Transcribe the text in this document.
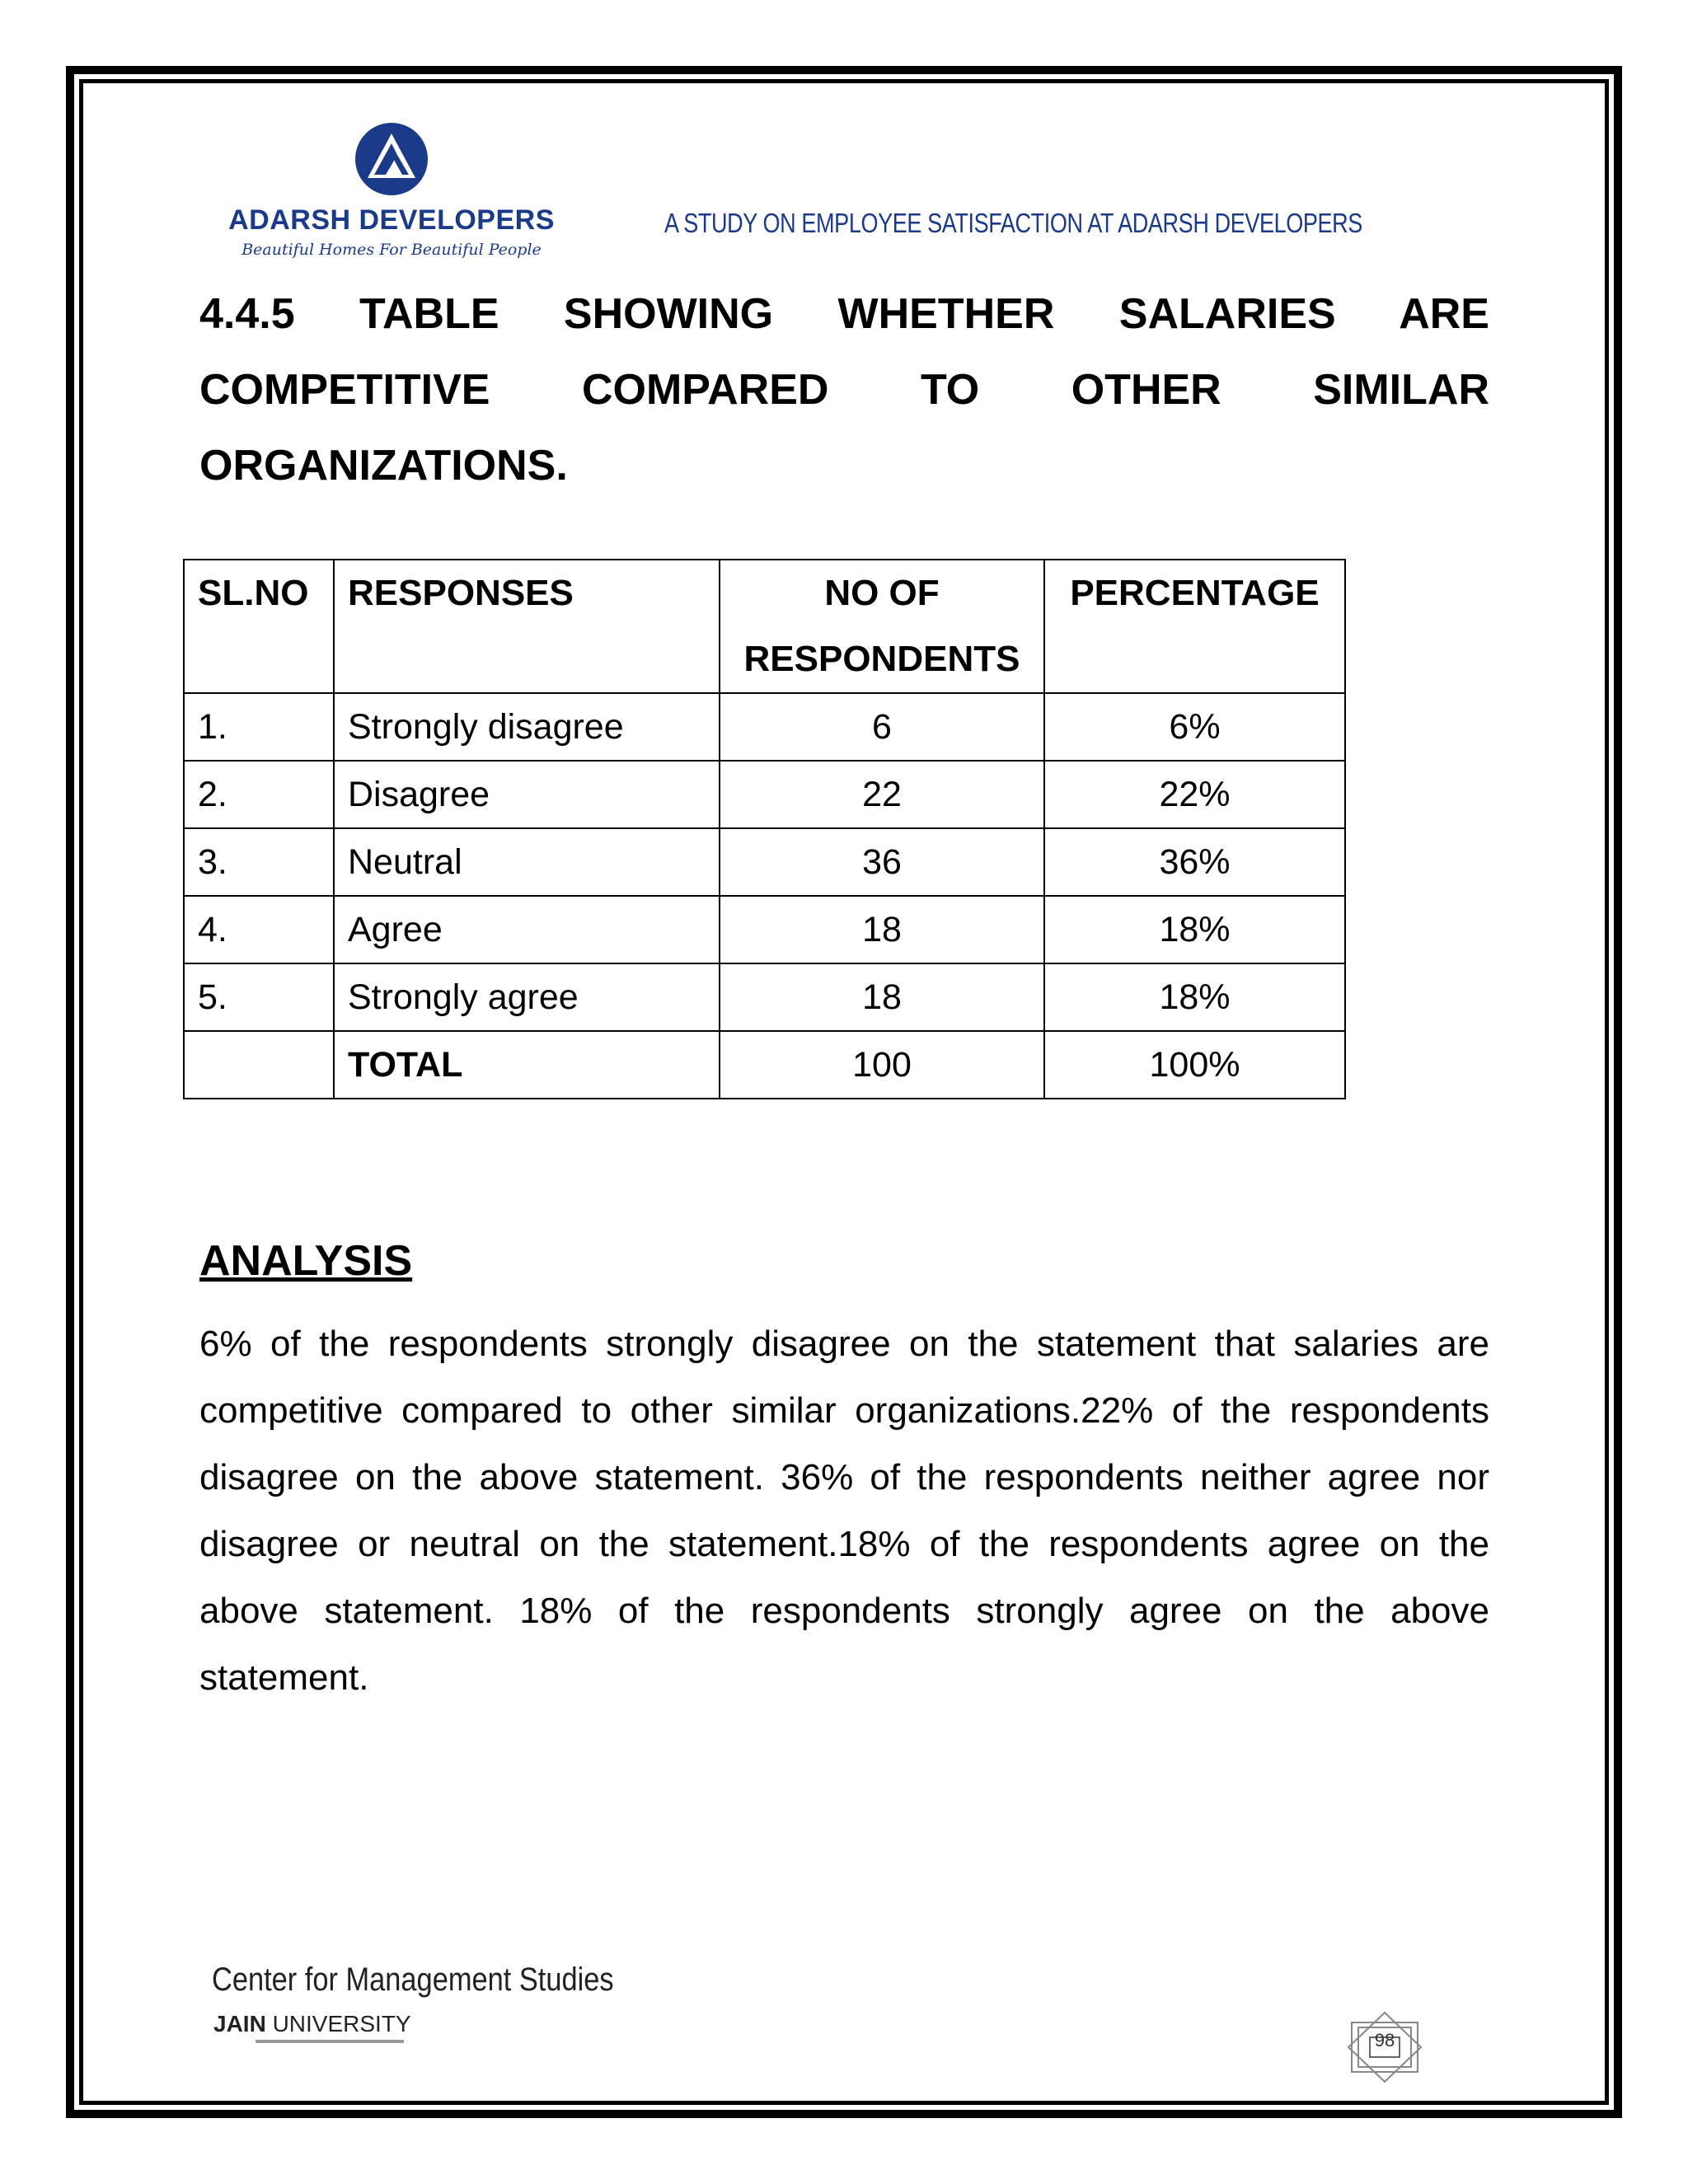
ADARSH DEVELOPERS
Beautiful Homes For Beautiful People
A STUDY ON EMPLOYEE SATISFACTION AT ADARSH DEVELOPERS
4.4.5 TABLE SHOWING WHETHER SALARIES ARE COMPETITIVE COMPARED TO OTHER SIMILAR ORGANIZATIONS.
SL.NO	RESPONSES	NO OF RESPONDENTS	PERCENTAGE
1.	Strongly disagree	6	6%
2.	Disagree	22	22%
3.	Neutral	36	36%
4.	Agree	18	18%
5.	Strongly agree	18	18%
	TOTAL	100	100%
ANALYSIS
6% of the respondents strongly disagree on the statement that salaries are competitive compared to other similar organizations.22% of the respondents disagree on the above statement. 36% of the respondents neither agree nor disagree or neutral on the statement.18% of the respondents agree on the above statement. 18% of the respondents strongly agree on the above statement.
Center for Management Studies
JAIN UNIVERSITY
98
